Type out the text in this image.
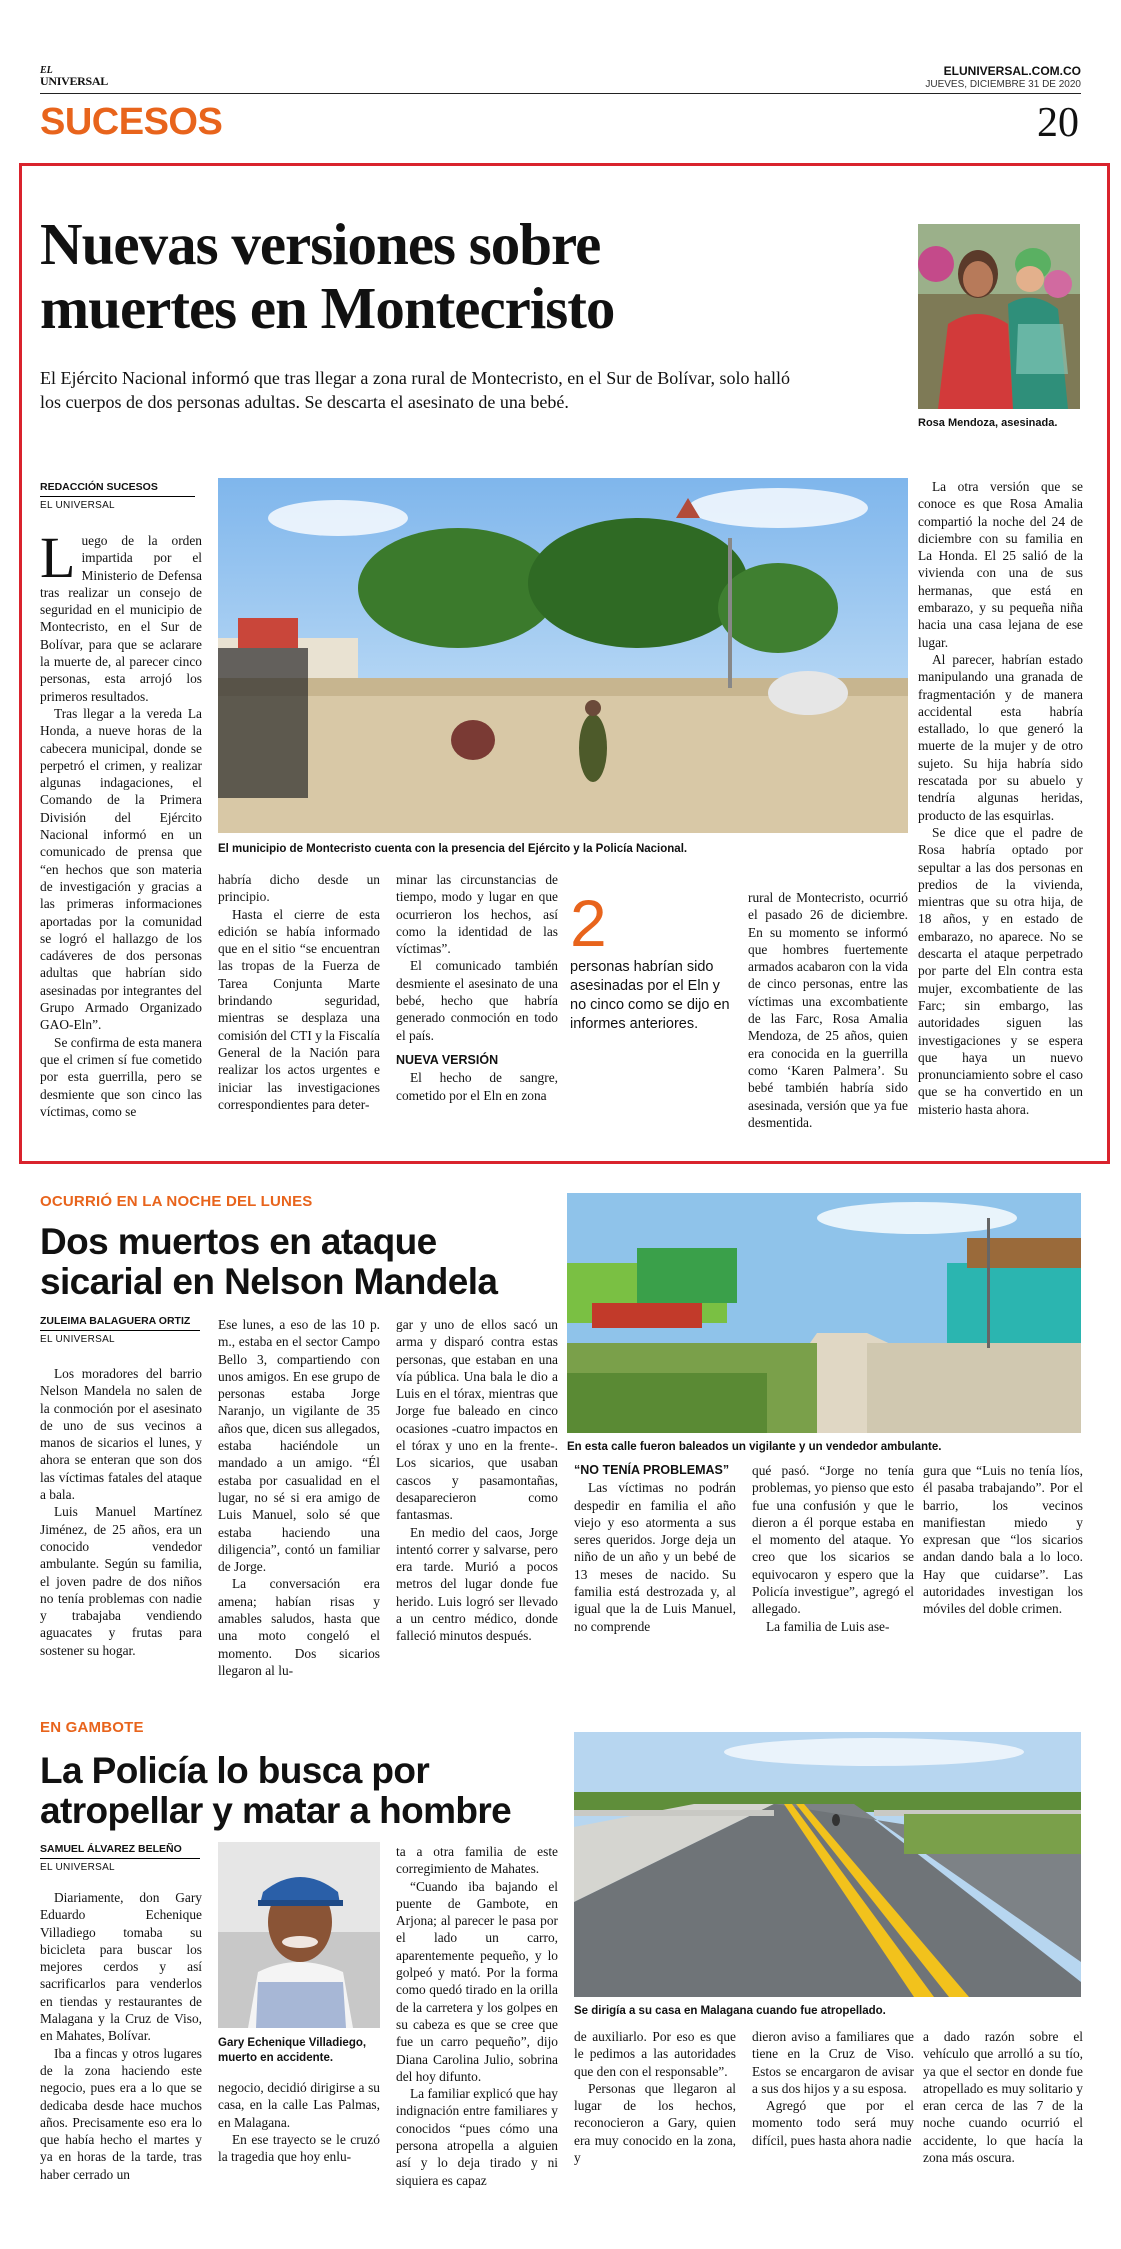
EL
UNIVERSAL
ELUNIVERSAL.COM.CO
JUEVES, DICIEMBRE 31 DE 2020
SUCESOS	20
Nuevas versiones sobre
muertes en Montecristo
El Ejército Nacional informó que tras llegar a zona rural de Montecristo, en el Sur de Bolívar, solo halló los cuerpos de dos personas adultas. Se descarta el asesinato de una bebé.
Rosa Mendoza, asesinada.
REDACCIÓN SUCESOS
EL UNIVERSAL
El municipio de Montecristo cuenta con la presencia del Ejército y la Policía Nacional.

Luego de la orden impartida por el Ministerio de Defensa tras realizar un consejo de seguridad en el municipio de Montecristo, en el Sur de Bolívar, para que se aclarare la muerte de, al parecer cinco personas, esta arrojó los primeros resultados.

Tras llegar a la vereda La Honda, a nueve horas de la cabecera municipal, donde se perpetró el crimen, y realizar algunas indagaciones, el Comando de la Primera División del Ejército Nacional informó en un comunicado de prensa que “en hechos que son materia de investigación y gracias a las primeras informaciones aportadas por la comunidad se logró el hallazgo de los cadáveres de dos personas adultas que habrían sido asesinadas por integrantes del Grupo Armado Organizado GAO-Eln”.

Se confirma de esta manera que el crimen sí fue cometido por esta guerrilla, pero se desmiente que son cinco las víctimas, como se

habría dicho desde un principio.

Hasta el cierre de esta edición se había informado que en el sitio “se encuentran las tropas de la Fuerza de Tarea Conjunta Marte brindando seguridad, mientras se desplaza una comisión del CTI y la Fiscalía General de la Nación para realizar los actos urgentes e iniciar las investigaciones correspondientes para deter-

minar las circunstancias de tiempo, modo y lugar en que ocurrieron los hechos, así como la identidad de las víctimas”.

El comunicado también desmiente el asesinato de una bebé, hecho que habría generado conmoción en todo el país.

NUEVA VERSIÓN

El hecho de sangre, cometido por el Eln en zona

2
personas habrían sido asesinadas por el Eln y no cinco como se dijo en informes anteriores.

rural de Montecristo, ocurrió el pasado 26 de diciembre. En su momento se informó que hombres fuertemente armados acabaron con la vida de cinco personas, entre las víctimas una excombatiente de las Farc, Rosa Amalia Mendoza, de 25 años, quien era conocida en la guerrilla como ‘Karen Palmera’. Su bebé también habría sido asesinada, versión que ya fue desmentida.

La otra versión que se conoce es que Rosa Amalia compartió la noche del 24 de diciembre con su familia en La Honda. El 25 salió de la vivienda con una de sus hermanas, que está en embarazo, y su pequeña niña hacia una casa lejana de ese lugar.

Al parecer, habrían estado manipulando una granada de fragmentación y de manera accidental esta habría estallado, lo que generó la muerte de la mujer y de otro sujeto. Su hija habría sido rescatada por su abuelo y tendría algunas heridas, producto de las esquirlas.

Se dice que el padre de Rosa habría optado por sepultar a las dos personas en predios de la vivienda, mientras que su otra hija, de 18 años, y en estado de embarazo, no aparece. No se descarta el ataque perpetrado por parte del Eln contra esta mujer, excombatiente de las Farc; sin embargo, las autoridades siguen las investigaciones y se espera que haya un nuevo pronunciamiento sobre el caso que se ha convertido en un misterio hasta ahora.

OCURRIÓ EN LA NOCHE DEL LUNES
Dos muertos en ataque
sicarial en Nelson Mandela
ZULEIMA BALAGUERA ORTIZ
EL UNIVERSAL
En esta calle fueron baleados un vigilante y un vendedor ambulante.

Los moradores del barrio Nelson Mandela no salen de la conmoción por el asesinato de uno de sus vecinos a manos de sicarios el lunes, y ahora se enteran que son dos las víctimas fatales del ataque a bala.

Luis Manuel Martínez Jiménez, de 25 años, era un conocido vendedor ambulante. Según su familia, el joven padre de dos niños no tenía problemas con nadie y trabajaba vendiendo aguacates y frutas para sostener su hogar.

Ese lunes, a eso de las 10 p. m., estaba en el sector Campo Bello 3, compartiendo con unos amigos. En ese grupo de personas estaba Jorge Naranjo, un vigilante de 35 años que, dicen sus allegados, estaba haciéndole un mandado a un amigo. “Él estaba por casualidad en el lugar, no sé si era amigo de Luis Manuel, solo sé que estaba haciendo una diligencia”, contó un familiar de Jorge.

La conversación era amena; habían risas y amables saludos, hasta que una moto congeló el momento. Dos sicarios llegaron al lu-

gar y uno de ellos sacó un arma y disparó contra estas personas, que estaban en una vía pública. Una bala le dio a Luis en el tórax, mientras que Jorge fue baleado en cinco ocasiones -cuatro impactos en el tórax y uno en la frente-. Los sicarios, que usaban cascos y pasamontañas, desaparecieron como fantasmas.

En medio del caos, Jorge intentó correr y salvarse, pero era tarde. Murió a pocos metros del lugar donde fue herido. Luis logró ser llevado a un centro médico, donde falleció minutos después.

“NO TENÍA PROBLEMAS”

Las víctimas no podrán despedir en familia el año viejo y eso atormenta a sus seres queridos. Jorge deja un niño de un año y un bebé de 13 meses de nacido. Su familia está destrozada y, al igual que la de Luis Manuel, no comprende

qué pasó. “Jorge no tenía problemas, yo pienso que esto fue una confusión y que le dieron a él porque estaba en el momento del ataque. Yo creo que los sicarios se equivocaron y espero que la Policía investigue”, agregó el allegado.

La familia de Luis ase-

gura que “Luis no tenía líos, él pasaba trabajando”. Por el barrio, los vecinos manifiestan miedo y expresan que “los sicarios andan dando bala a lo loco. Hay que cuidarse”. Las autoridades investigan los móviles del doble crimen.

EN GAMBOTE
La Policía lo busca por
atropellar y matar a hombre
SAMUEL ÁLVAREZ BELEÑO
EL UNIVERSAL
Gary Echenique Villadiego, muerto en accidente.
Se dirigía a su casa en Malagana cuando fue atropellado.

Diariamente, don Gary Eduardo Echenique Villadiego tomaba su bicicleta para buscar los mejores cerdos y así sacrificarlos para venderlos en tiendas y restaurantes de Malagana y la Cruz de Viso, en Mahates, Bolívar.

Iba a fincas y otros lugares de la zona haciendo este negocio, pues era a lo que se dedicaba desde hace muchos años. Precisamente eso era lo que había hecho el martes y ya en horas de la tarde, tras haber cerrado un

negocio, decidió dirigirse a su casa, en la calle Las Palmas, en Malagana.

En ese trayecto se le cruzó la tragedia que hoy enlu-

ta a otra familia de este corregimiento de Mahates.

“Cuando iba bajando el puente de Gambote, en Arjona; al parecer le pasa por el lado un carro, aparentemente pequeño, y lo golpeó y mató. Por la forma como quedó tirado en la orilla de la carretera y los golpes en su cabeza es que se cree que fue un carro pequeño”, dijo Diana Carolina Julio, sobrina del hoy difunto.

La familiar explicó que hay indignación entre familiares y conocidos “pues cómo una persona atropella a alguien así y lo deja tirado y ni siquiera es capaz

de auxiliarlo. Por eso es que le pedimos a las autoridades que den con el responsable”.

Personas que llegaron al lugar de los hechos, reconocieron a Gary, quien era muy conocido en la zona, y

dieron aviso a familiares que tiene en la Cruz de Viso. Estos se encargaron de avisar a sus dos hijos y a su esposa.

Agregó que por el momento todo será muy difícil, pues hasta ahora nadie

a dado razón sobre el vehículo que arrolló a su tío, ya que el sector en donde fue atropellado es muy solitario y eran cerca de las 7 de la noche cuando ocurrió el accidente, lo que hacía la zona más oscura.
